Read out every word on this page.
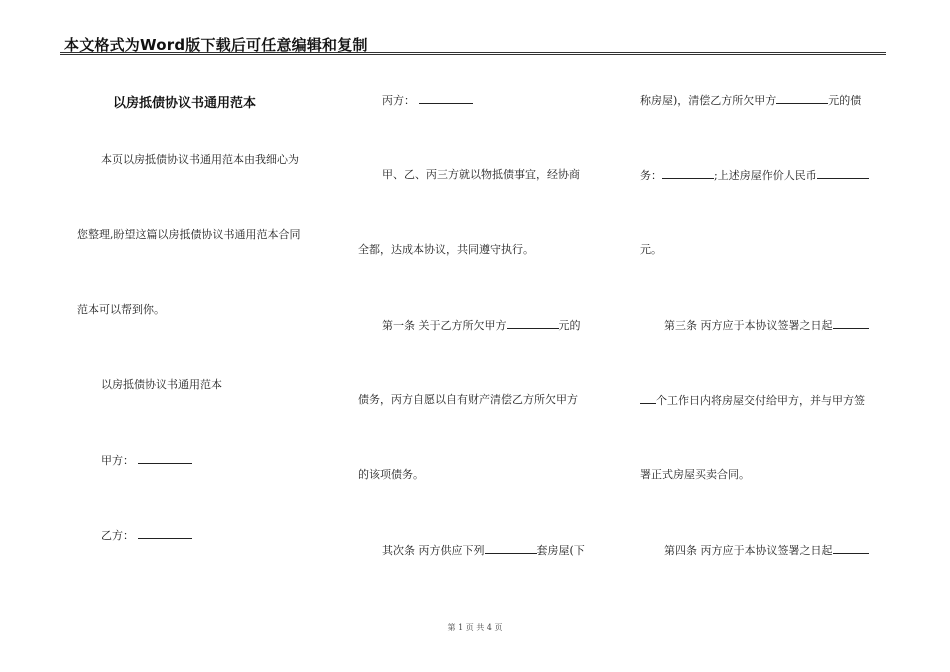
本文格式为Word版下载后可任意编辑和复制
以房抵债协议书通用范本
本页以房抵债协议书通用范本由我细心为
您整理,盼望这篇以房抵债协议书通用范本合同
范本可以帮到你。
以房抵债协议书通用范本
甲方：
乙方：
丙方：
甲、乙、丙三方就以物抵债事宜，经协商
全都，达成本协议，共同遵守执行。
第一条 关于乙方所欠甲方	元的
债务，丙方自愿以自有财产清偿乙方所欠甲方
的该项债务。
其次条 丙方供应下列	套房屋(下
称房屋)，清偿乙方所欠甲方	元的债
务：	;上述房屋作价人民币
元。
第三条 丙方应于本协议签署之日起
个工作日内将房屋交付给甲方，并与甲方签
署正式房屋买卖合同。
第四条 丙方应于本协议签署之日起
第 1 页 共 4 页
